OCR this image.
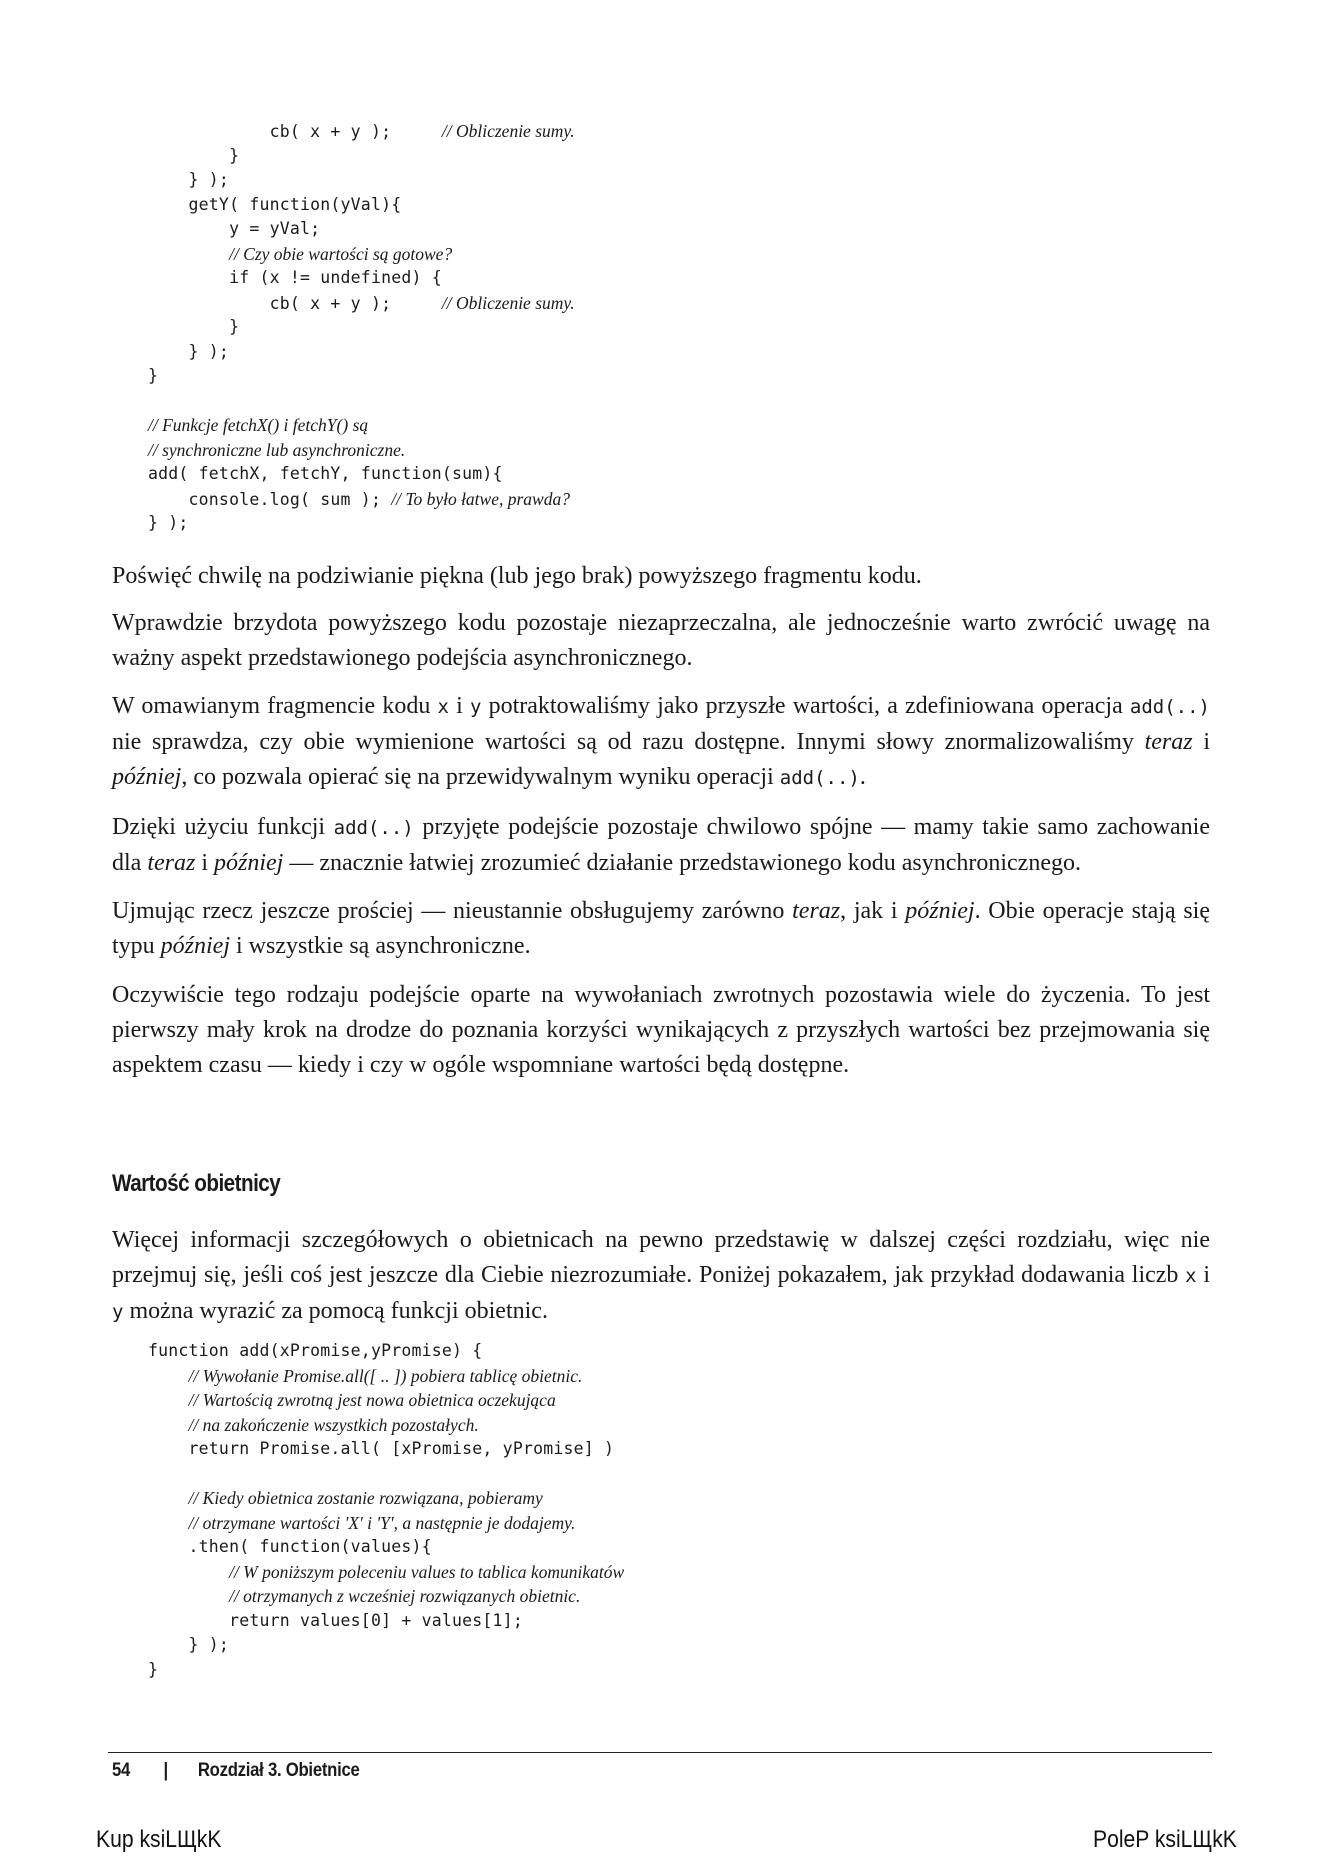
cb( x + y );     // Obliczenie sumy.
}
} );
getY( function(yVal){
y = yVal;
// Czy obie wartości są gotowe?
if (x != undefined) {
cb( x + y );     // Obliczenie sumy.
}
} );
}
// Funkcje fetchX() i fetchY() są
// synchroniczne lub asynchroniczne.
add( fetchX, fetchY, function(sum){
console.log( sum ); // To było łatwe, prawda?
} );

Poświęć chwilę na podziwianie piękna (lub jego brak) powyższego fragmentu kodu.

Wprawdzie brzydota powyższego kodu pozostaje niezaprzeczalna, ale jednocześnie warto zwrócić uwagę na ważny aspekt przedstawionego podejścia asynchronicznego.

W omawianym fragmencie kodu x i y potraktowaliśmy jako przyszłe wartości, a zdefiniowana operacja add(..) nie sprawdza, czy obie wymienione wartości są od razu dostępne. Innymi słowy znormalizowaliśmy teraz i później, co pozwala opierać się na przewidywalnym wyniku operacji add(..).

Dzięki użyciu funkcji add(..) przyjęte podejście pozostaje chwilowo spójne — mamy takie samo zachowanie dla teraz i później — znacznie łatwiej zrozumieć działanie przedstawionego kodu asynchronicznego.

Ujmując rzecz jeszcze prościej — nieustannie obsługujemy zarówno teraz, jak i później. Obie operacje stają się typu później i wszystkie są asynchroniczne.

Oczywiście tego rodzaju podejście oparte na wywołaniach zwrotnych pozostawia wiele do życzenia. To jest pierwszy mały krok na drodze do poznania korzyści wynikających z przyszłych wartości bez przejmowania się aspektem czasu — kiedy i czy w ogóle wspomniane wartości będą dostępne.

Wartość obietnicy

Więcej informacji szczegółowych o obietnicach na pewno przedstawię w dalszej części rozdziału, więc nie przejmuj się, jeśli coś jest jeszcze dla Ciebie niezrozumiałe. Poniżej pokazałem, jak przykład dodawania liczb x i y można wyrazić za pomocą funkcji obietnic.

function add(xPromise,yPromise) {
// Wywołanie Promise.all([ .. ]) pobiera tablicę obietnic.
// Wartością zwrotną jest nowa obietnica oczekująca
// na zakończenie wszystkich pozostałych.
return Promise.all( [xPromise, yPromise] )
// Kiedy obietnica zostanie rozwiązana, pobieramy
// otrzymane wartości 'X' i 'Y', a następnie je dodajemy.
.then( function(values){
// W poniższym poleceniu values to tablica komunikatów
// otrzymanych z wcześniej rozwiązanych obietnic.
return values[0] + values[1];
} );
}
54 | Rozdział 3. Obietnice
Kup ksiLЩkK	PoleP ksiLЩkK
